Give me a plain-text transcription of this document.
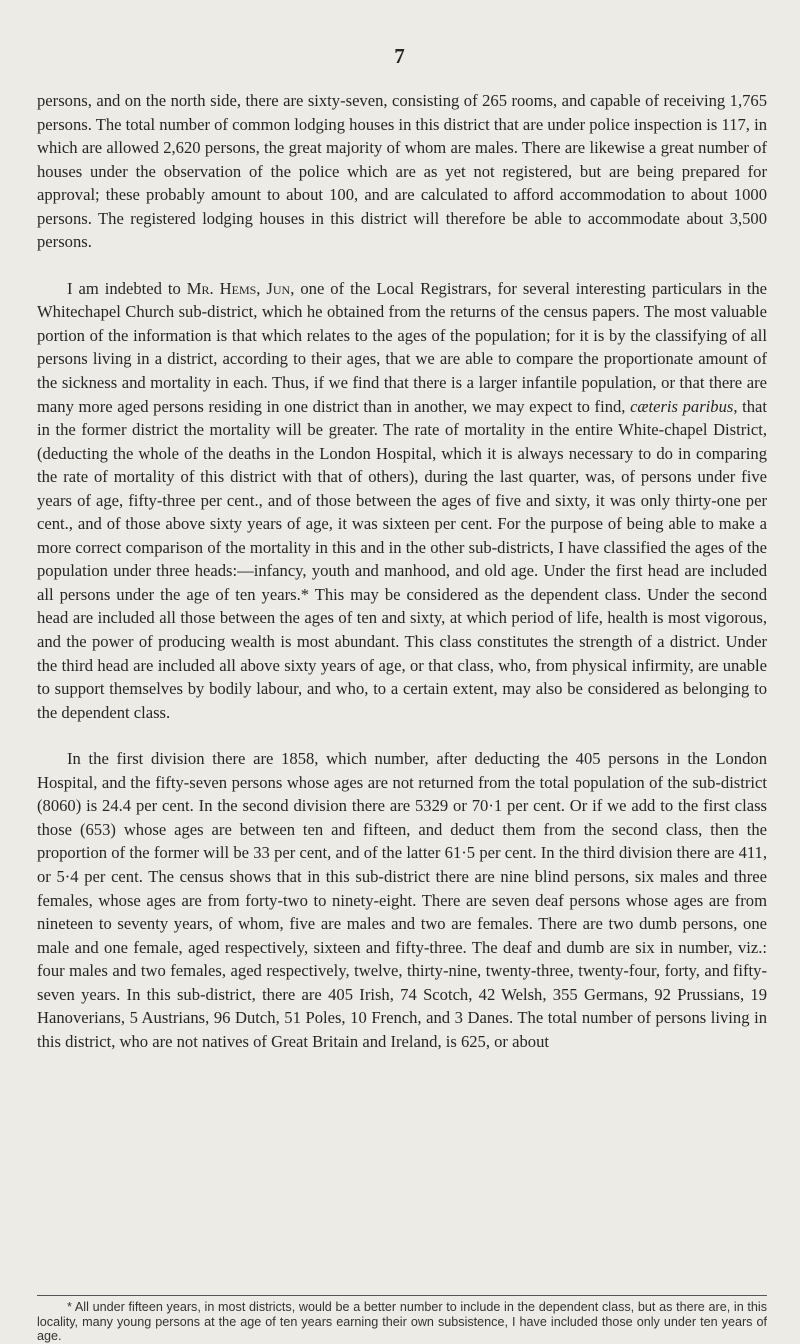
7

persons, and on the north side, there are sixty-seven, consisting of 265 rooms, and capable of receiving 1,765 persons. The total number of common lodging houses in this district that are under police inspection is 117, in which are allowed 2,620 persons, the great majority of whom are males. There are likewise a great number of houses under the observation of the police which are as yet not registered, but are being prepared for approval; these probably amount to about 100, and are calculated to afford accommodation to about 1000 persons. The registered lodging houses in this district will therefore be able to accommodate about 3,500 persons.

I am indebted to Mr. Hems, Jun, one of the Local Registrars, for several interesting particulars in the Whitechapel Church sub-district, which he obtained from the returns of the census papers. The most valuable portion of the information is that which relates to the ages of the population; for it is by the classifying of all persons living in a district, according to their ages, that we are able to compare the proportionate amount of the sickness and mortality in each. Thus, if we find that there is a larger infantile population, or that there are many more aged persons residing in one district than in another, we may expect to find, cæteris paribus, that in the former district the mortality will be greater. The rate of mortality in the entire White-chapel District, (deducting the whole of the deaths in the London Hospital, which it is always necessary to do in comparing the rate of mortality of this district with that of others), during the last quarter, was, of persons under five years of age, fifty-three per cent., and of those between the ages of five and sixty, it was only thirty-one per cent., and of those above sixty years of age, it was sixteen per cent. For the purpose of being able to make a more correct comparison of the mortality in this and in the other sub-districts, I have classified the ages of the population under three heads:—infancy, youth and manhood, and old age. Under the first head are included all persons under the age of ten years.* This may be considered as the dependent class. Under the second head are included all those between the ages of ten and sixty, at which period of life, health is most vigorous, and the power of producing wealth is most abundant. This class constitutes the strength of a district. Under the third head are included all above sixty years of age, or that class, who, from physical infirmity, are unable to support themselves by bodily labour, and who, to a certain extent, may also be considered as belonging to the dependent class.

In the first division there are 1858, which number, after deducting the 405 persons in the London Hospital, and the fifty-seven persons whose ages are not returned from the total population of the sub-district (8060) is 24.4 per cent. In the second division there are 5329 or 70·1 per cent. Or if we add to the first class those (653) whose ages are between ten and fifteen, and deduct them from the second class, then the proportion of the former will be 33 per cent, and of the latter 61·5 per cent. In the third division there are 411, or 5·4 per cent. The census shows that in this sub-district there are nine blind persons, six males and three females, whose ages are from forty-two to ninety-eight. There are seven deaf persons whose ages are from nineteen to seventy years, of whom, five are males and two are females. There are two dumb persons, one male and one female, aged respectively, sixteen and fifty-three. The deaf and dumb are six in number, viz.: four males and two females, aged respectively, twelve, thirty-nine, twenty-three, twenty-four, forty, and fifty-seven years. In this sub-district, there are 405 Irish, 74 Scotch, 42 Welsh, 355 Germans, 92 Prussians, 19 Hanoverians, 5 Austrians, 96 Dutch, 51 Poles, 10 French, and 3 Danes. The total number of persons living in this district, who are not natives of Great Britain and Ireland, is 625, or about

* All under fifteen years, in most districts, would be a better number to include in the dependent class, but as there are, in this locality, many young persons at the age of ten years earning their own subsistence, I have included those only under ten years of age.
